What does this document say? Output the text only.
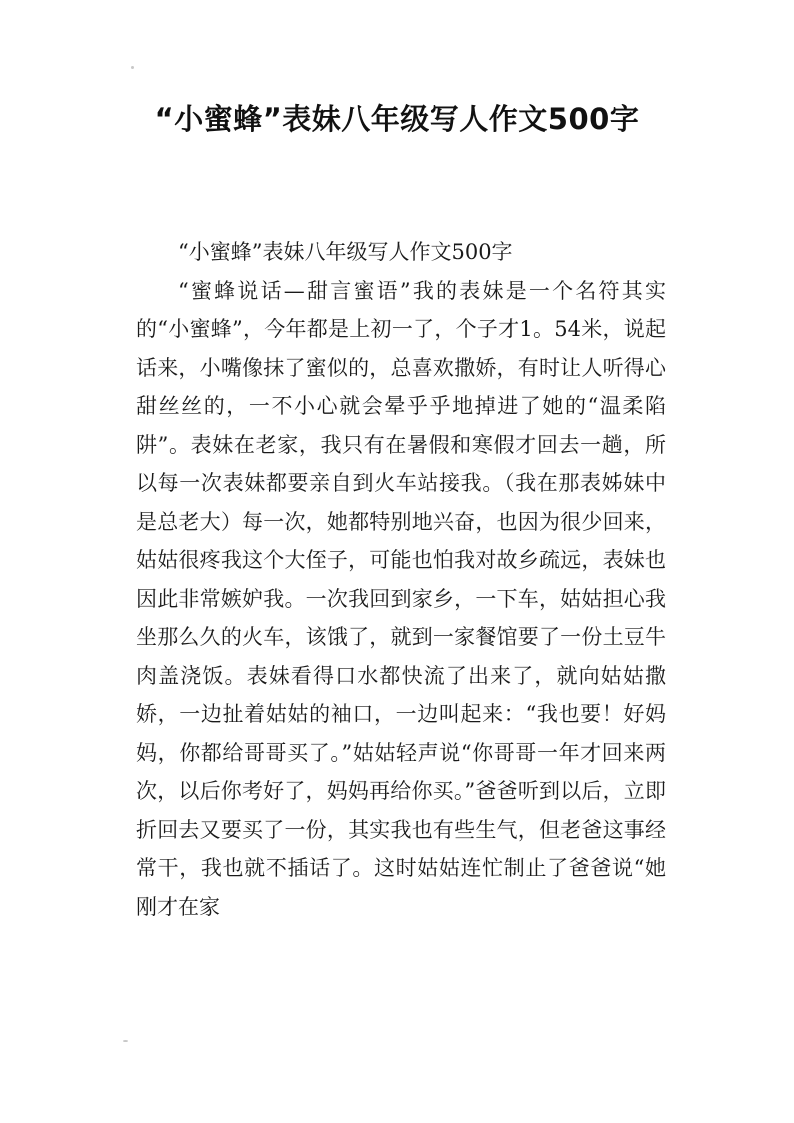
“小蜜蜂”表妹八年级写人作文500字

“小蜜蜂”表妹八年级写人作文500字

“蜜蜂说话—甜言蜜语”我的表妹是一个名符其实的“小蜜蜂”，今年都是上初一了，个子才1。54米，说起话来，小嘴像抹了蜜似的，总喜欢撒娇，有时让人听得心甜丝丝的，一不小心就会晕乎乎地掉进了她的“温柔陷阱”。表妹在老家，我只有在暑假和寒假才回去一趟，所以每一次表妹都要亲自到火车站接我。（我在那表姊妹中是总老大）每一次，她都特别地兴奋，也因为很少回来，姑姑很疼我这个大侄子，可能也怕我对故乡疏远，表妹也因此非常嫉妒我。一次我回到家乡，一下车，姑姑担心我坐那么久的火车，该饿了，就到一家餐馆要了一份土豆牛肉盖浇饭。表妹看得口水都快流了出来了，就向姑姑撒娇，一边扯着姑姑的袖口，一边叫起来：“我也要！好妈妈，你都给哥哥买了。”姑姑轻声说“你哥哥一年才回来两次，以后你考好了，妈妈再给你买。”爸爸听到以后，立即折回去又要买了一份，其实我也有些生气，但老爸这事经常干，我也就不插话了。这时姑姑连忙制止了爸爸说“她刚才在家
